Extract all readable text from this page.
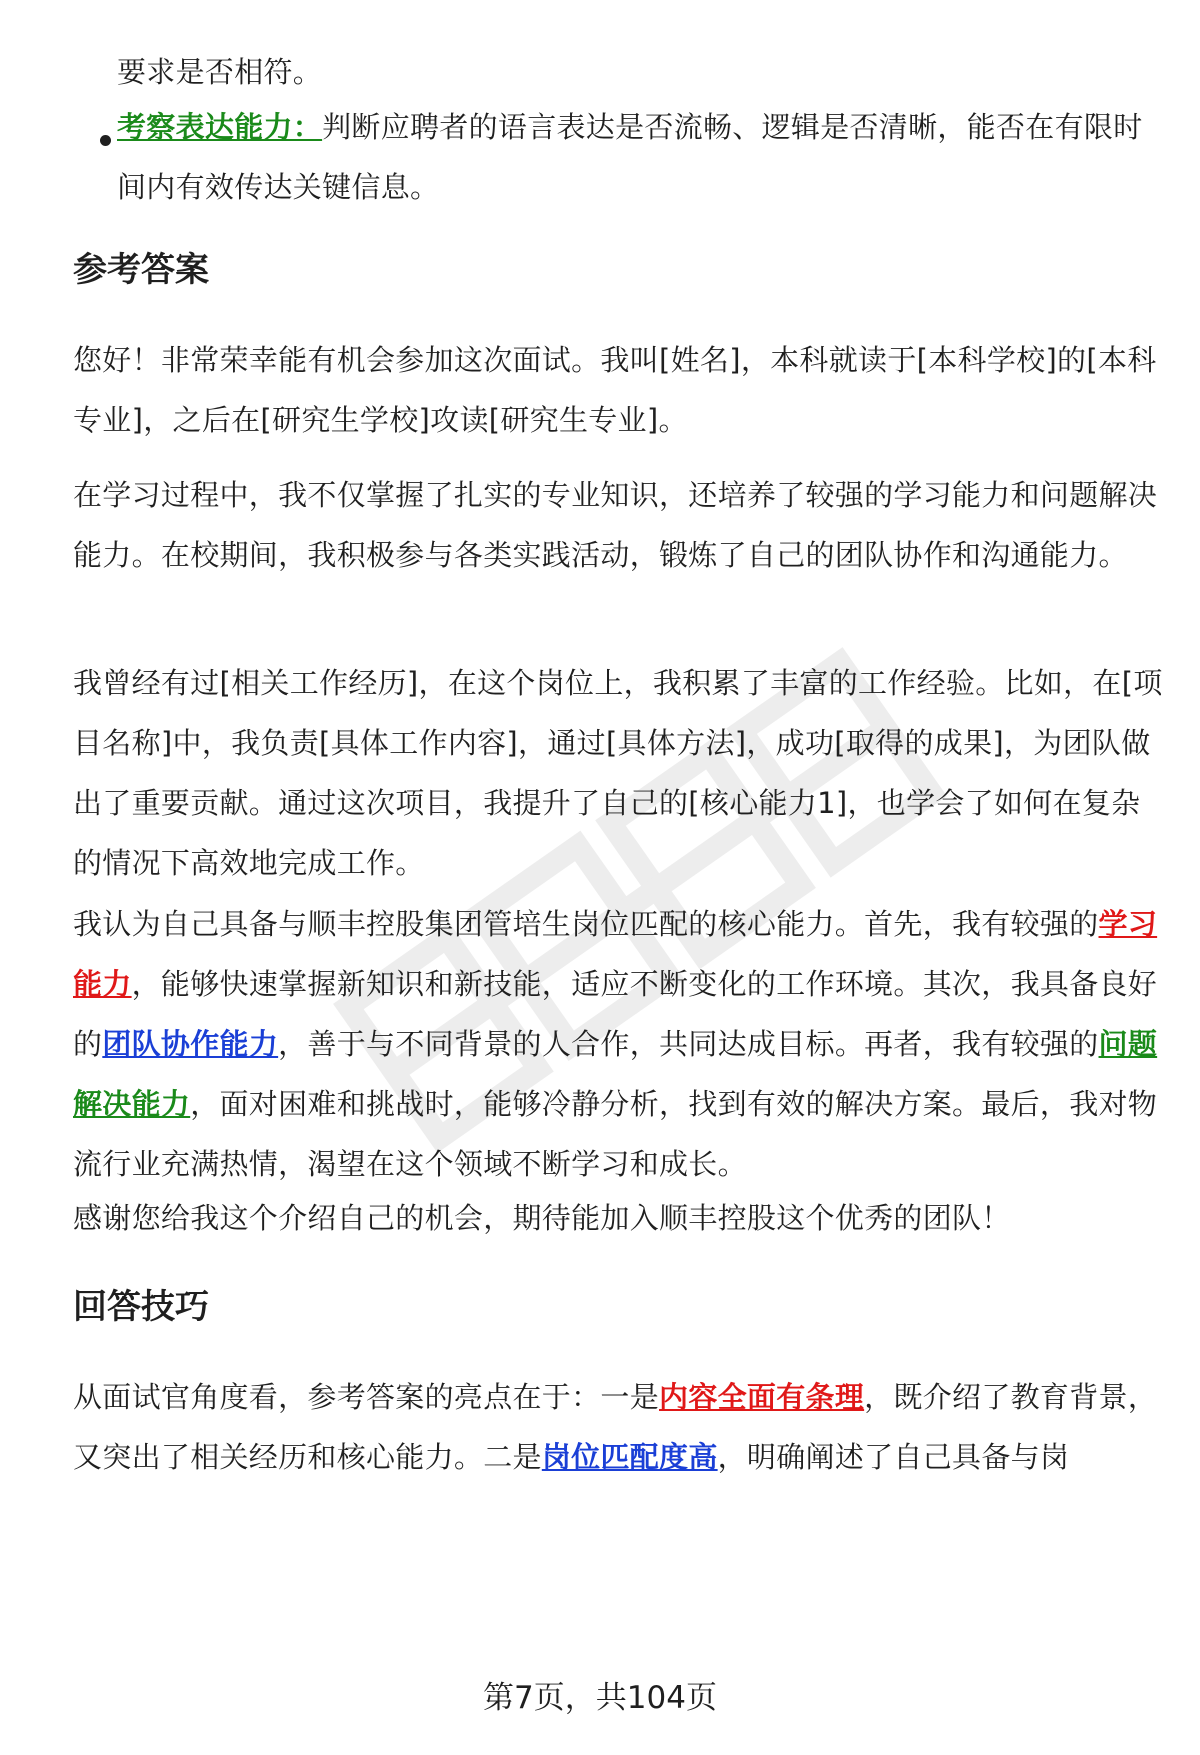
要求是否相符。

考察表达能力：判断应聘者的语言表达是否流畅、逻辑是否清晰，能否在有限时间内有效传达关键信息。

参考答案

您好！非常荣幸能有机会参加这次面试。我叫[姓名]，本科就读于[本科学校]的[本科专业]，之后在[研究生学校]攻读[研究生专业]。

在学习过程中，我不仅掌握了扎实的专业知识，还培养了较强的学习能力和问题解决能力。在校期间，我积极参与各类实践活动，锻炼了自己的团队协作和沟通能力。

我曾经有过[相关工作经历]，在这个岗位上，我积累了丰富的工作经验。比如，在[项目名称]中，我负责[具体工作内容]，通过[具体方法]，成功[取得的成果]，为团队做出了重要贡献。通过这次项目，我提升了自己的[核心能力1]，也学会了如何在复杂的情况下高效地完成工作。

我认为自己具备与顺丰控股集团管培生岗位匹配的核心能力。首先，我有较强的学习能力，能够快速掌握新知识和新技能，适应不断变化的工作环境。其次，我具备良好的团队协作能力，善于与不同背景的人合作，共同达成目标。再者，我有较强的问题解决能力，面对困难和挑战时，能够冷静分析，找到有效的解决方案。最后，我对物流行业充满热情，渴望在这个领域不断学习和成长。

感谢您给我这个介绍自己的机会，期待能加入顺丰控股这个优秀的团队！

回答技巧

从面试官角度看，参考答案的亮点在于：一是内容全面有条理，既介绍了教育背景，又突出了相关经历和核心能力。二是岗位匹配度高，明确阐述了自己具备与岗

第7页，共104页
